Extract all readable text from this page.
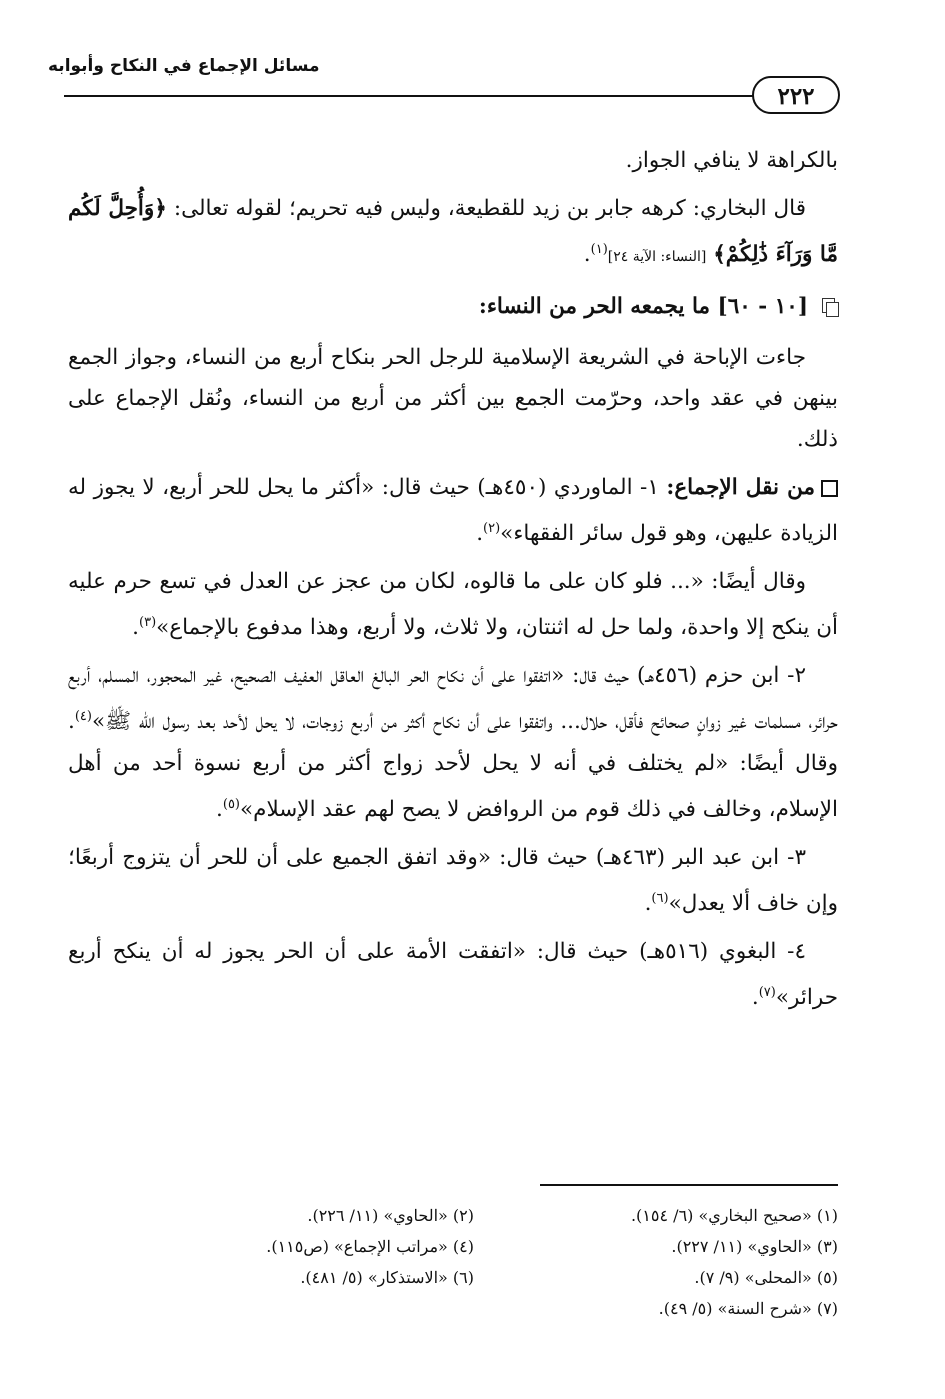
مسائل الإجماع في النكاح وأبوابه
٢٢٢

بالكراهة لا ينافي الجواز.

قال البخاري: كرهه جابر بن زيد للقطيعة، وليس فيه تحريم؛ لقوله تعالى: ﴿وَأُحِلَّ لَكُم مَّا وَرَآءَ ذَٰلِكُمْ﴾ [النساء: الآية ٢٤]$^{(١)}$.

[١٠ - ٦٠] ما يجمعه الحر من النساء:

جاءت الإباحة في الشريعة الإسلامية للرجل الحر بنكاح أربع من النساء، وجواز الجمع بينهن في عقد واحد، وحرّمت الجمع بين أكثر من أربع من النساء، ونُقل الإجماع على ذلك.

من نقل الإجماع: ١- الماوردي (٤٥٠هـ) حيث قال: «أكثر ما يحل للحر أربع، لا يجوز له الزيادة عليهن، وهو قول سائر الفقهاء»$^{(٢)}$.

وقال أيضًا: «... فلو كان على ما قالوه، لكان من عجز عن العدل في تسع حرم عليه أن ينكح إلا واحدة، ولما حل له اثنتان، ولا ثلاث، ولا أربع، وهذا مدفوع بالإجماع»$^{(٣)}$.

٢- ابن حزم (٤٥٦هـ) حيث قال: «اتفقوا على أن نكاح الحر البالغ العاقل العفيف الصحيح، غير المحجور، المسلم، أربع حرائر، مسلمات غير زوانٍ صحائح فأقل، حلال... واتفقوا على أن نكاح أكثر من أربع زوجات، لا يحل لأحد بعد رسول الله ﷺ»$^{(٤)}$. وقال أيضًا: «لم يختلف في أنه لا يحل لأحد زواج أكثر من أربع نسوة أحد من أهل الإسلام، وخالف في ذلك قوم من الروافض لا يصح لهم عقد الإسلام»$^{(٥)}$.

٣- ابن عبد البر (٤٦٣هـ) حيث قال: «وقد اتفق الجميع على أن للحر أن يتزوج أربعًا؛ وإن خاف ألا يعدل»$^{(٦)}$.

٤- البغوي (٥١٦هـ) حيث قال: «اتفقت الأمة على أن الحر يجوز له أن ينكح أربع حرائر»$^{(٧)}$.

(١) «صحيح البخاري» (٦/ ١٥٤).
(٢) «الحاوي» (١١/ ٢٢٦).
(٣) «الحاوي» (١١/ ٢٢٧).
(٤) «مراتب الإجماع» (ص١١٥).
(٥) «المحلى» (٩/ ٧).
(٦) «الاستذكار» (٥/ ٤٨١).
(٧) «شرح السنة» (٥/ ٤٩).
